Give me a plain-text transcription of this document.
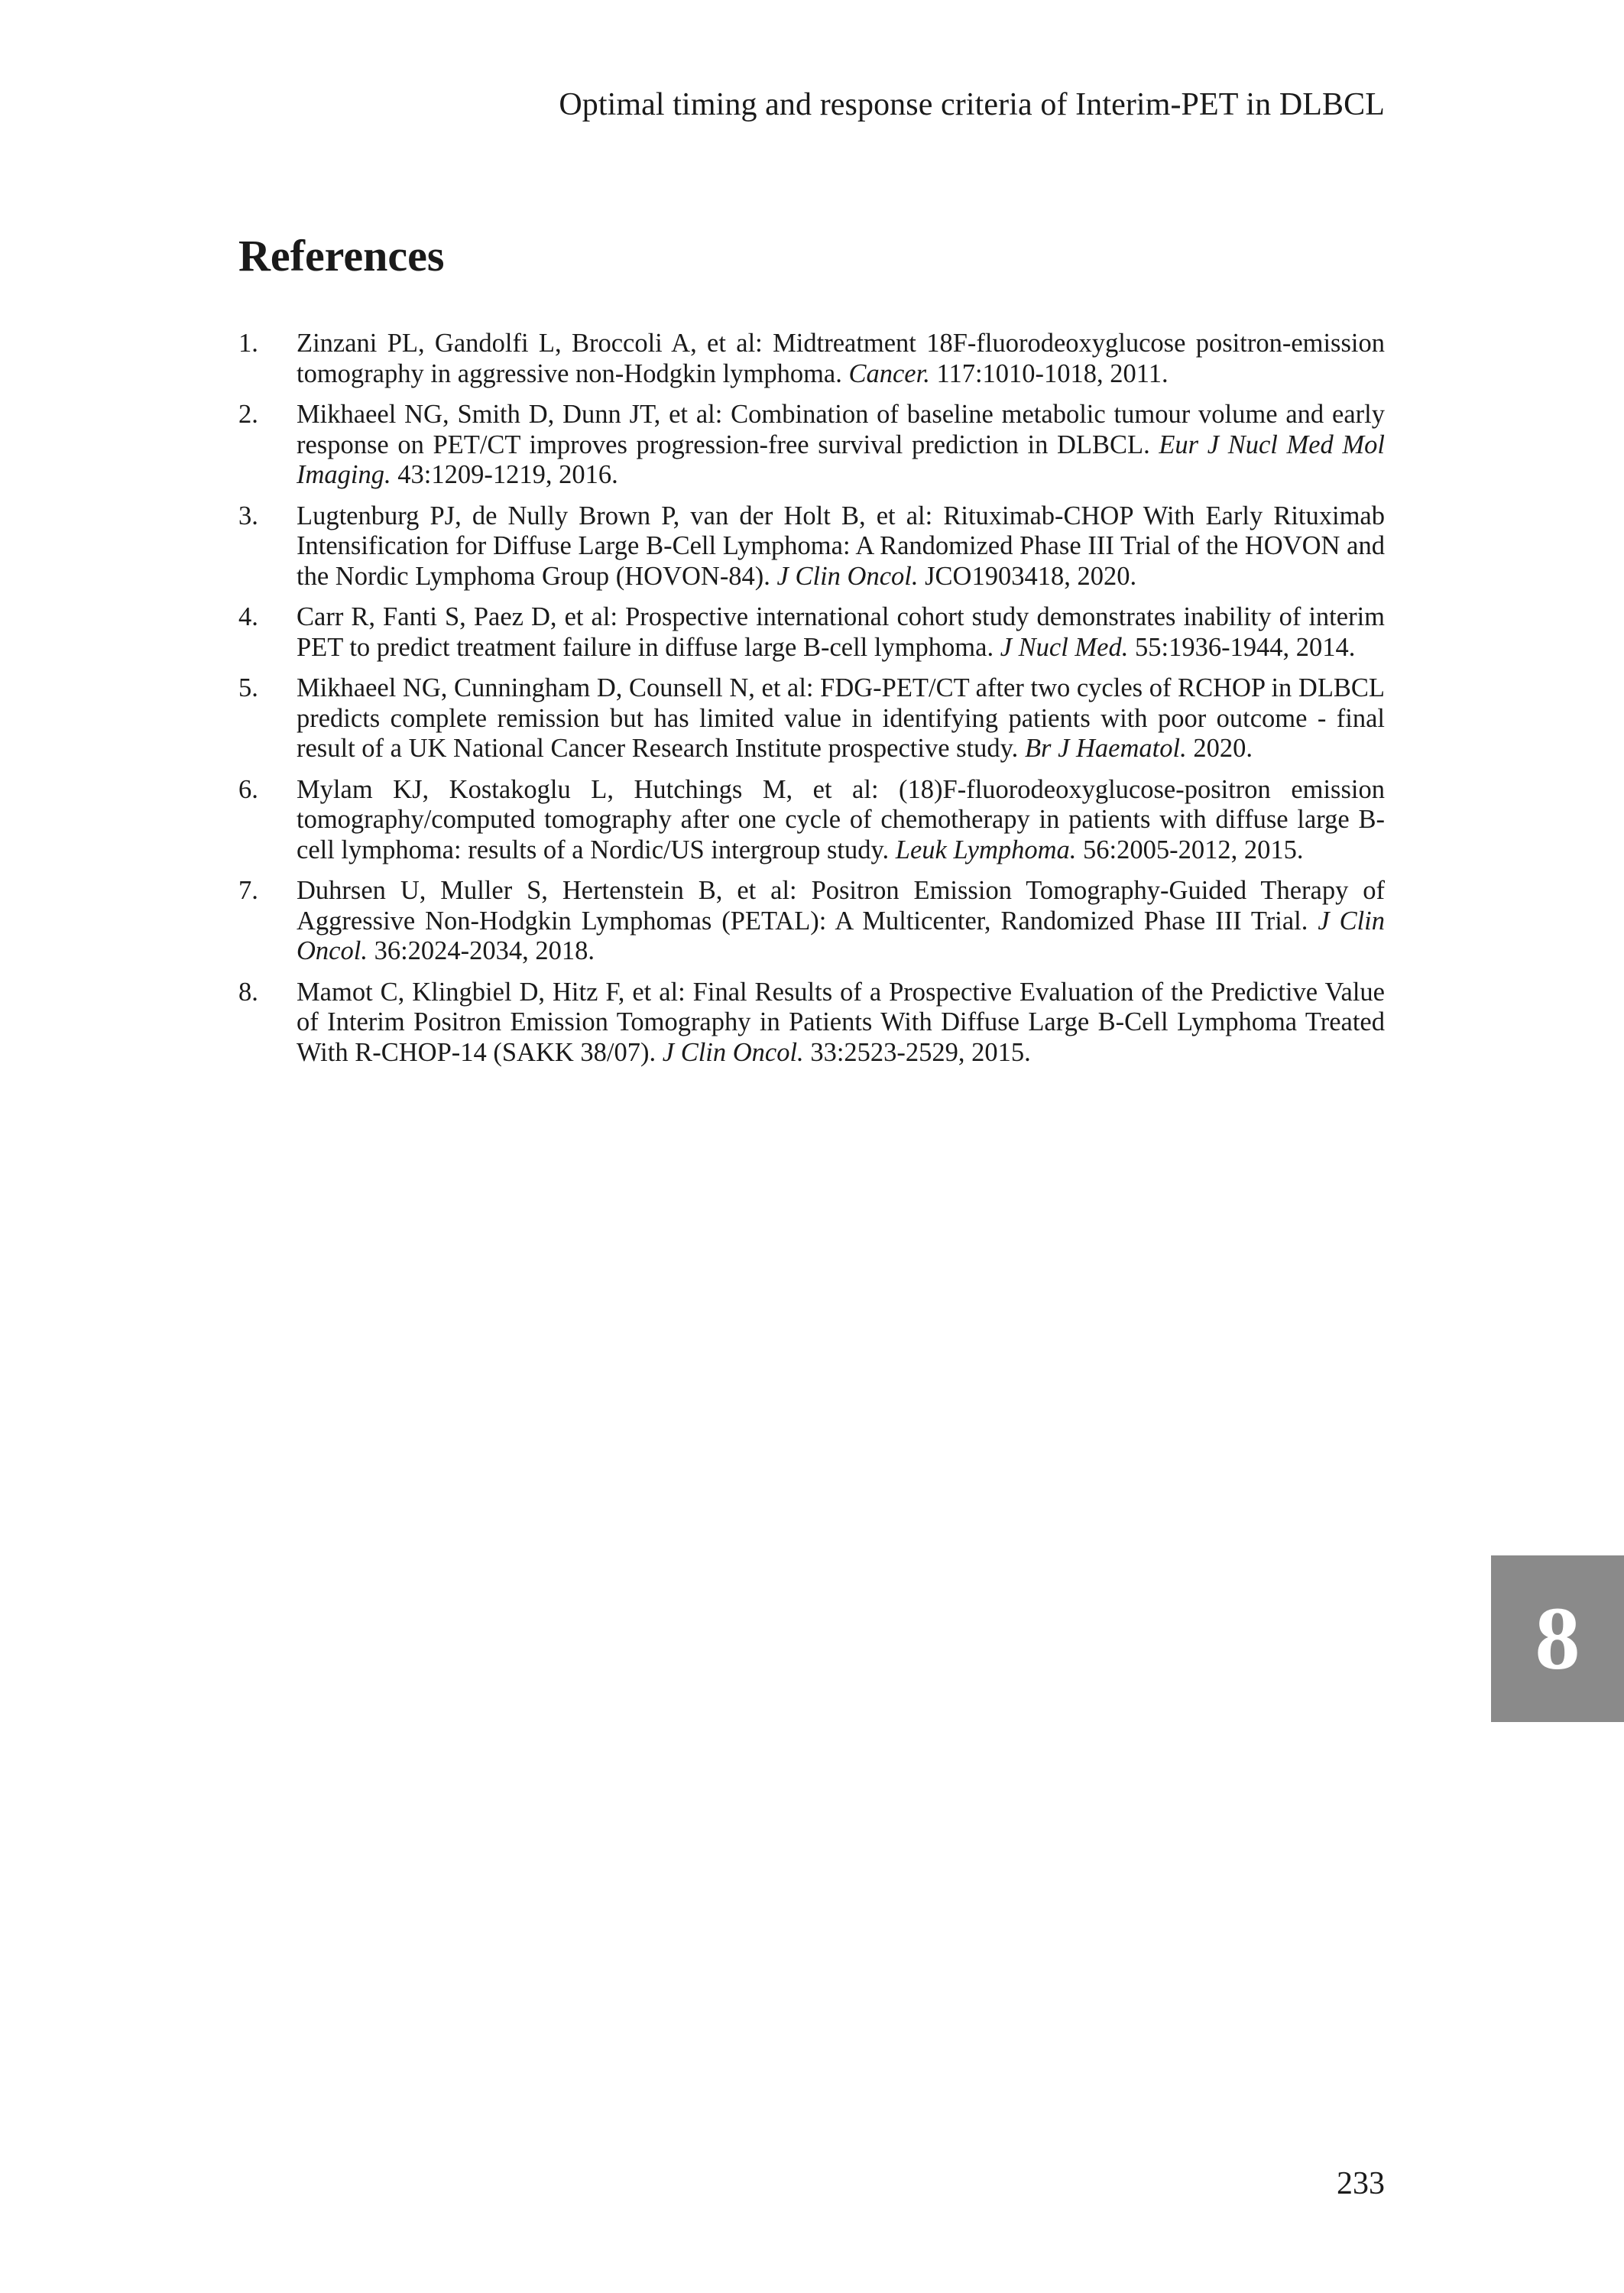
Optimal timing and response criteria of Interim-PET in DLBCL
References
1.	Zinzani PL, Gandolfi L, Broccoli A, et al: Midtreatment 18F-fluorodeoxyglucose positron-emission tomography in aggressive non-Hodgkin lymphoma. Cancer. 117:1010-1018, 2011.
2.	Mikhaeel NG, Smith D, Dunn JT, et al: Combination of baseline metabolic tumour volume and early response on PET/CT improves progression-free survival prediction in DLBCL. Eur J Nucl Med Mol Imaging. 43:1209-1219, 2016.
3.	Lugtenburg PJ, de Nully Brown P, van der Holt B, et al: Rituximab-CHOP With Early Rituximab Intensification for Diffuse Large B-Cell Lymphoma: A Randomized Phase III Trial of the HOVON and the Nordic Lymphoma Group (HOVON-84). J Clin Oncol. JCO1903418, 2020.
4.	Carr R, Fanti S, Paez D, et al: Prospective international cohort study demonstrates inability of interim PET to predict treatment failure in diffuse large B-cell lymphoma. J Nucl Med. 55:1936-1944, 2014.
5.	Mikhaeel NG, Cunningham D, Counsell N, et al: FDG-PET/CT after two cycles of RCHOP in DLBCL predicts complete remission but has limited value in identifying patients with poor outcome - final result of a UK National Cancer Research Institute prospective study. Br J Haematol. 2020.
6.	Mylam KJ, Kostakoglu L, Hutchings M, et al: (18)F-fluorodeoxyglucose-positron emission tomography/computed tomography after one cycle of chemotherapy in patients with diffuse large B-cell lymphoma: results of a Nordic/US intergroup study. Leuk Lymphoma. 56:2005-2012, 2015.
7.	Duhrsen U, Muller S, Hertenstein B, et al: Positron Emission Tomography-Guided Therapy of Aggressive Non-Hodgkin Lymphomas (PETAL): A Multicenter, Randomized Phase III Trial. J Clin Oncol. 36:2024-2034, 2018.
8.	Mamot C, Klingbiel D, Hitz F, et al: Final Results of a Prospective Evaluation of the Predictive Value of Interim Positron Emission Tomography in Patients With Diffuse Large B-Cell Lymphoma Treated With R-CHOP-14 (SAKK 38/07). J Clin Oncol. 33:2523-2529, 2015.
8
233
